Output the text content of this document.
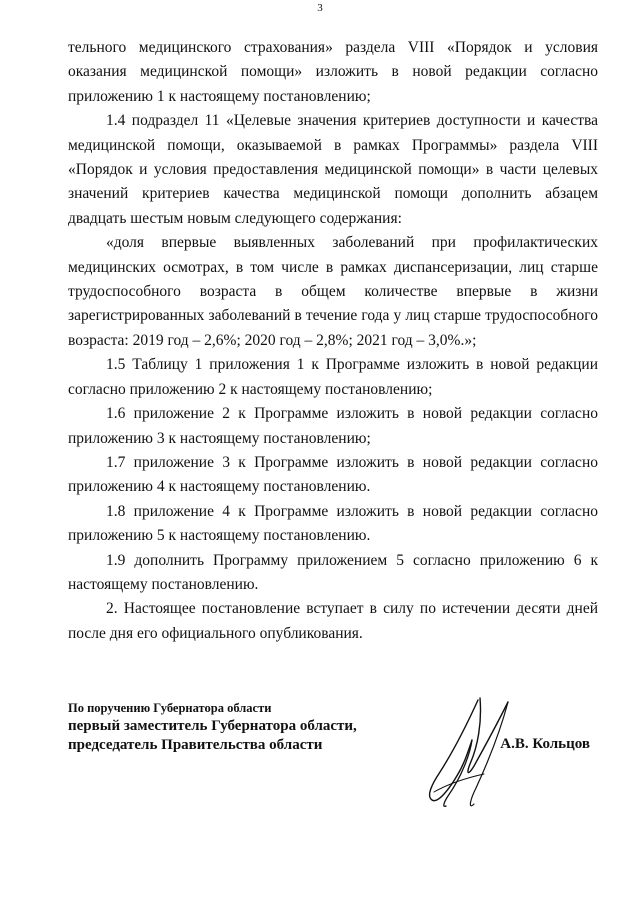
3

тельного медицинского страхования» раздела VIII «Порядок и условия оказания медицинской помощи» изложить в новой редакции согласно приложению 1 к настоящему постановлению;

1.4 подраздел 11 «Целевые значения критериев доступности и качества медицинской помощи, оказываемой в рамках Программы» раздела VIII «Порядок и условия предоставления медицинской помощи» в части целевых значений критериев качества медицинской помощи дополнить абзацем двадцать шестым новым следующего содержания:

«доля впервые выявленных заболеваний при профилактических медицинских осмотрах, в том числе в рамках диспансеризации, лиц старше трудоспособного возраста в общем количестве впервые в жизни зарегистрированных заболеваний в течение года у лиц старше трудоспособного возраста: 2019 год – 2,6%; 2020 год – 2,8%; 2021 год – 3,0%.»;

1.5 Таблицу 1 приложения 1 к Программе изложить в новой редакции согласно приложению 2 к настоящему постановлению;

1.6 приложение 2 к Программе изложить в новой редакции согласно приложению 3 к настоящему постановлению;

1.7 приложение 3 к Программе изложить в новой редакции согласно приложению 4 к настоящему постановлению.

1.8 приложение 4 к Программе изложить в новой редакции согласно приложению 5 к настоящему постановлению.

1.9 дополнить Программу приложением 5 согласно приложению 6 к настоящему постановлению.

2. Настоящее постановление вступает в силу по истечении десяти дней после дня его официального опубликования.

По поручению Губернатора области
первый заместитель Губернатора области,
председатель Правительства области	А.В. Кольцов
